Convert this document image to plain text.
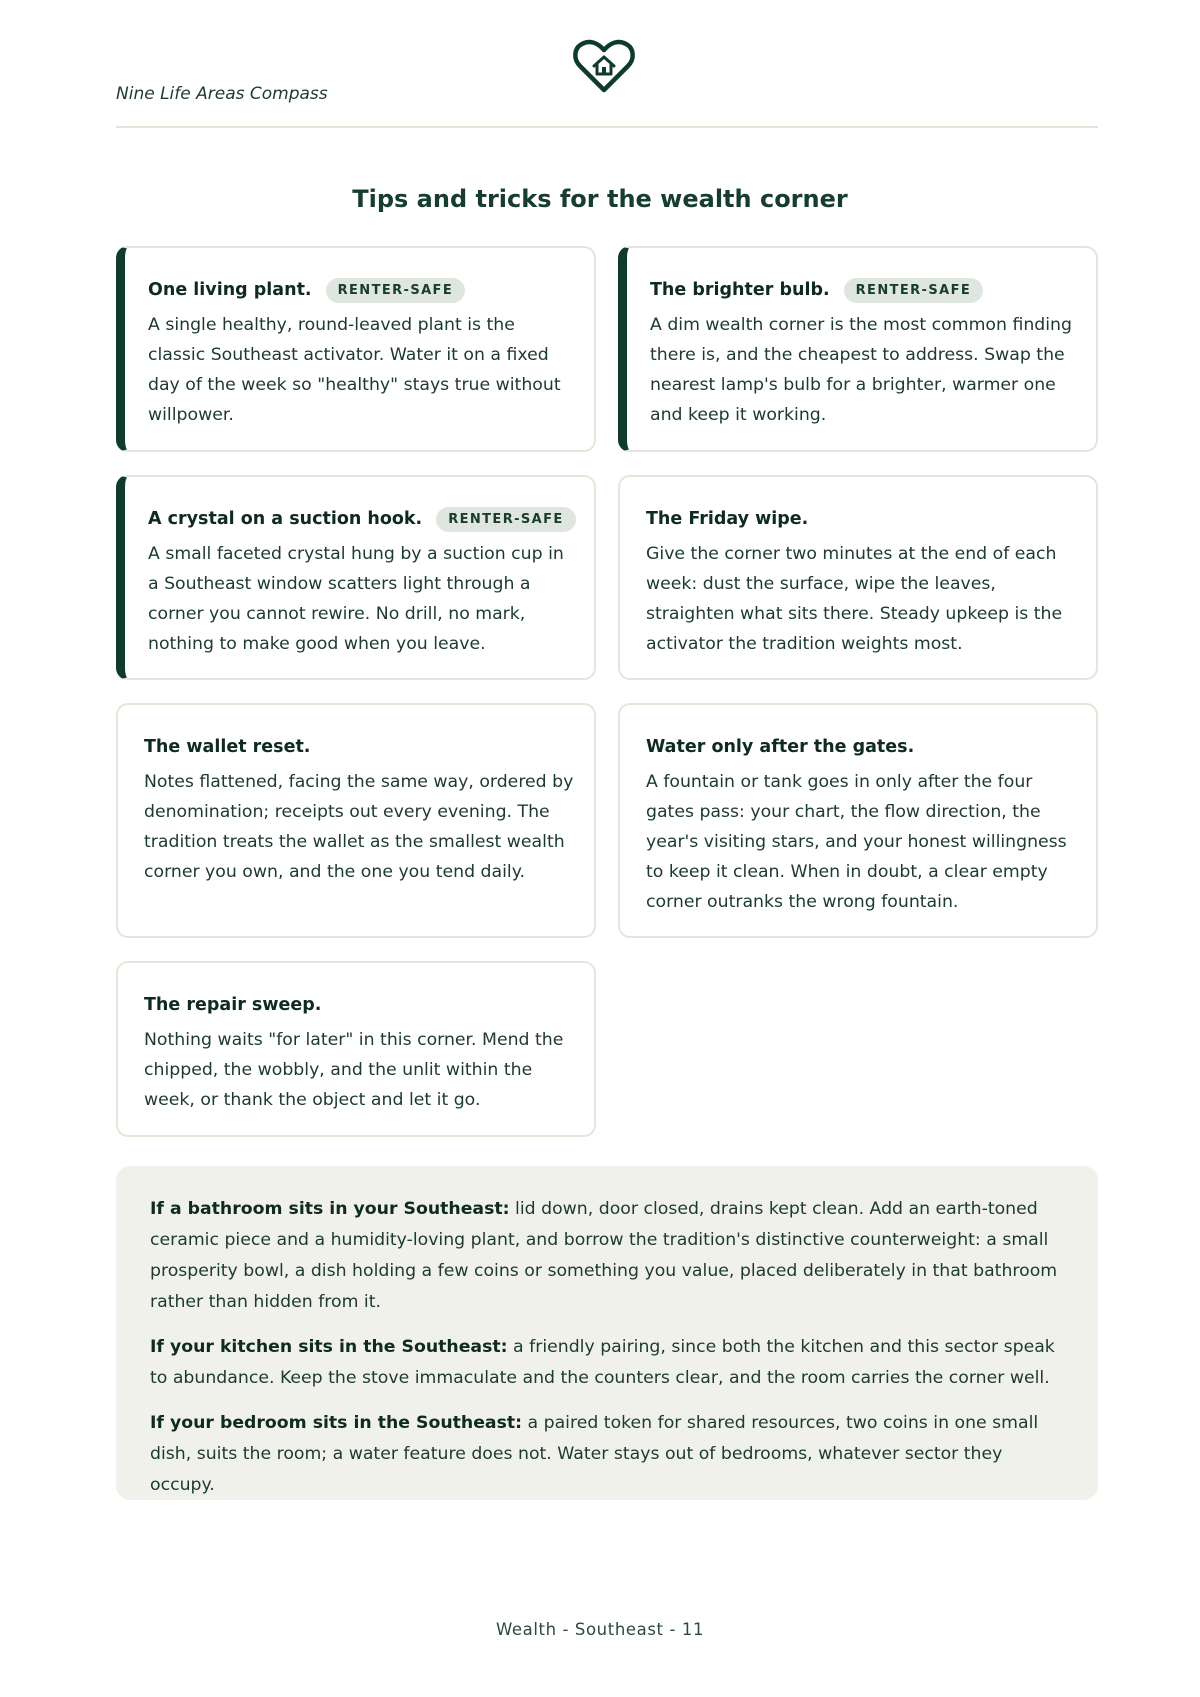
Nine Life Areas Compass
Tips and tricks for the wealth corner
One living plant.	RENTER-SAFE
A single healthy, round-leaved plant is the classic Southeast activator. Water it on a fixed day of the week so "healthy" stays true without willpower.
The brighter bulb.	RENTER-SAFE
A dim wealth corner is the most common finding there is, and the cheapest to address. Swap the nearest lamp's bulb for a brighter, warmer one and keep it working.
A crystal on a suction hook.	RENTER-SAFE
A small faceted crystal hung by a suction cup in a Southeast window scatters light through a corner you cannot rewire. No drill, no mark, nothing to make good when you leave.
The Friday wipe.
Give the corner two minutes at the end of each week: dust the surface, wipe the leaves, straighten what sits there. Steady upkeep is the activator the tradition weights most.
The wallet reset.
Notes flattened, facing the same way, ordered by denomination; receipts out every evening. The tradition treats the wallet as the smallest wealth corner you own, and the one you tend daily.
Water only after the gates.
A fountain or tank goes in only after the four gates pass: your chart, the flow direction, the year's visiting stars, and your honest willingness to keep it clean. When in doubt, a clear empty corner outranks the wrong fountain.
The repair sweep.
Nothing waits "for later" in this corner. Mend the chipped, the wobbly, and the unlit within the week, or thank the object and let it go.

If a bathroom sits in your Southeast: lid down, door closed, drains kept clean. Add an earth-toned ceramic piece and a humidity-loving plant, and borrow the tradition's distinctive counterweight: a small prosperity bowl, a dish holding a few coins or something you value, placed deliberately in that bathroom rather than hidden from it.

If your kitchen sits in the Southeast: a friendly pairing, since both the kitchen and this sector speak to abundance. Keep the stove immaculate and the counters clear, and the room carries the corner well.

If your bedroom sits in the Southeast: a paired token for shared resources, two coins in one small dish, suits the room; a water feature does not. Water stays out of bedrooms, whatever sector they occupy.

Wealth - Southeast - 11
